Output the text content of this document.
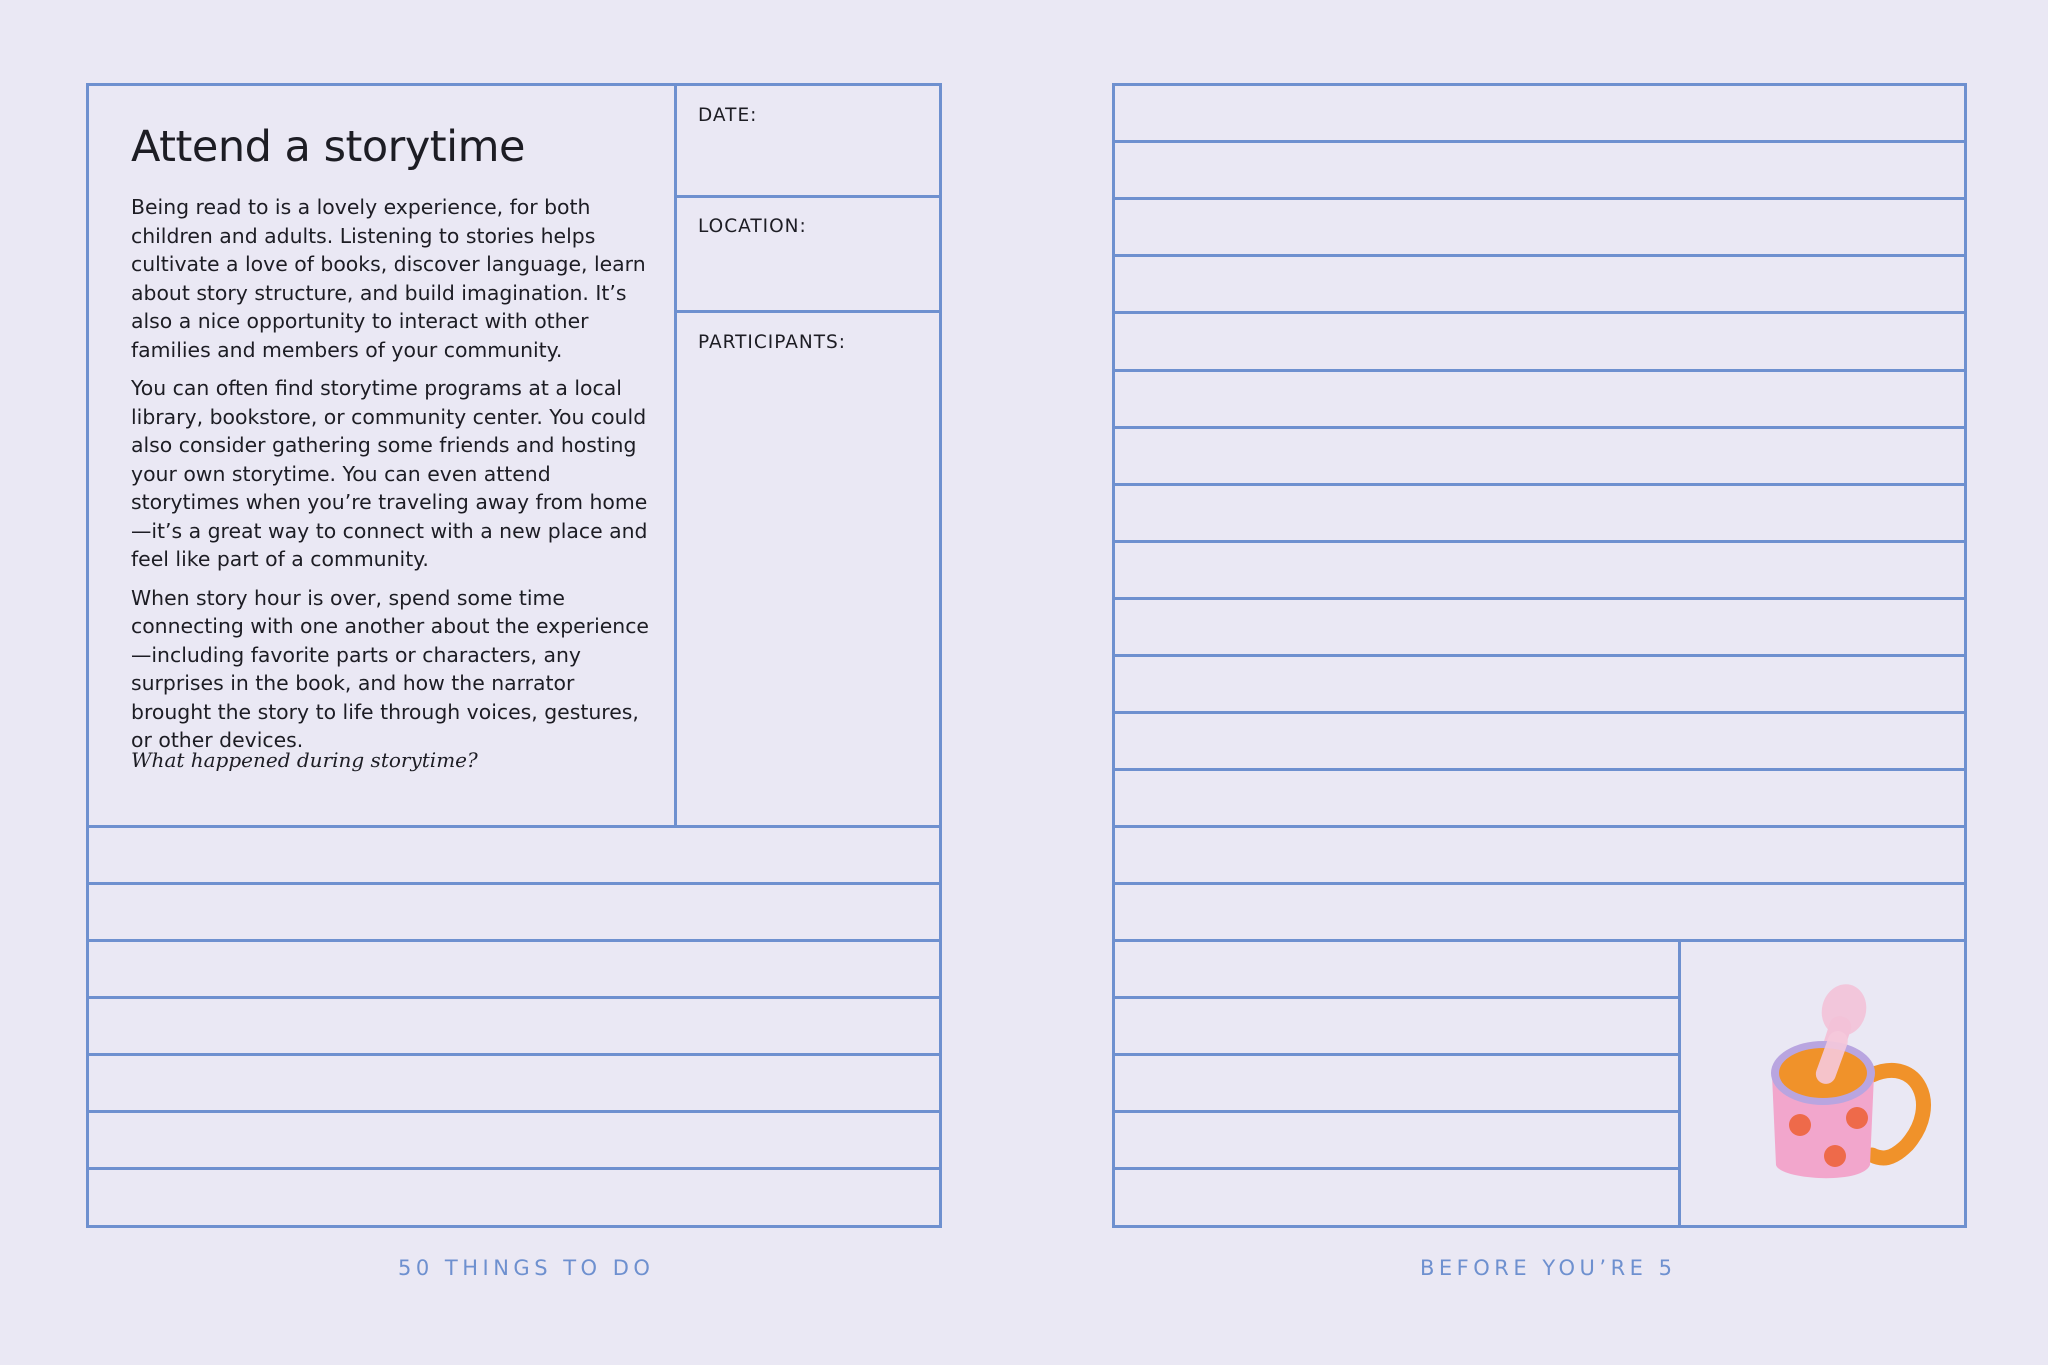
Attend a storytime

Being read to is a lovely experience, for both children and adults. Listening to stories helps cultivate a love of books, discover language, learn about story structure, and build imagination. It’s also a nice opportunity to interact with other families and members of your community.

You can often find storytime programs at a local library, bookstore, or community center. You could also consider gathering some friends and hosting your own storytime. You can even attend storytimes when you’re traveling away from home—it’s a great way to connect with a new place and feel like part of a community.

When story hour is over, spend some time connecting with one another about the experience—including favorite parts or characters, any surprises in the book, and how the narrator brought the story to life through voices, gestures, or other devices.

What happened during storytime?
DATE:
LOCATION:
PARTICIPANTS:
50 THINGS TO DO	BEFORE YOU’RE 5
